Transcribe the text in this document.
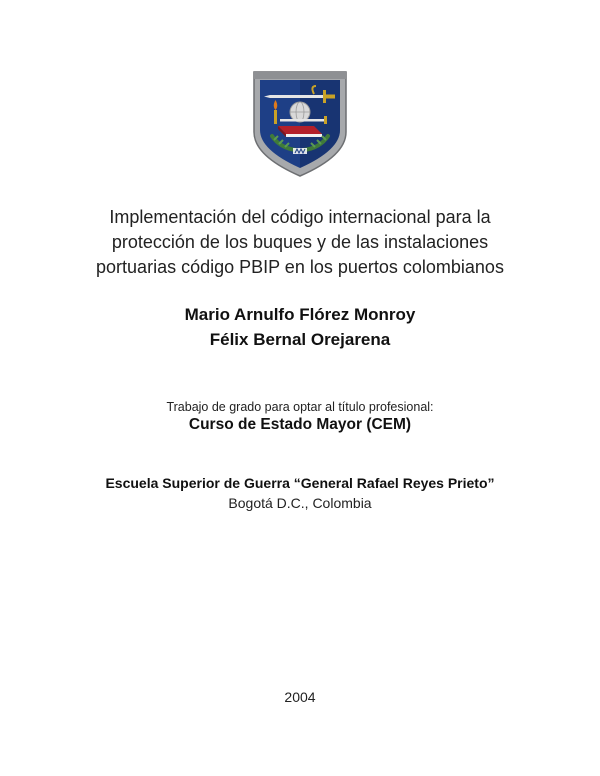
Implementación del código internacional para la
protección de los buques y de las instalaciones
portuarias código PBIP en los puertos colombianos
Mario Arnulfo Flórez Monroy
Félix Bernal Orejarena
Trabajo de grado para optar al título profesional:
Curso de Estado Mayor (CEM)
Escuela Superior de Guerra “General Rafael Reyes Prieto”
Bogotá D.C., Colombia
2004
